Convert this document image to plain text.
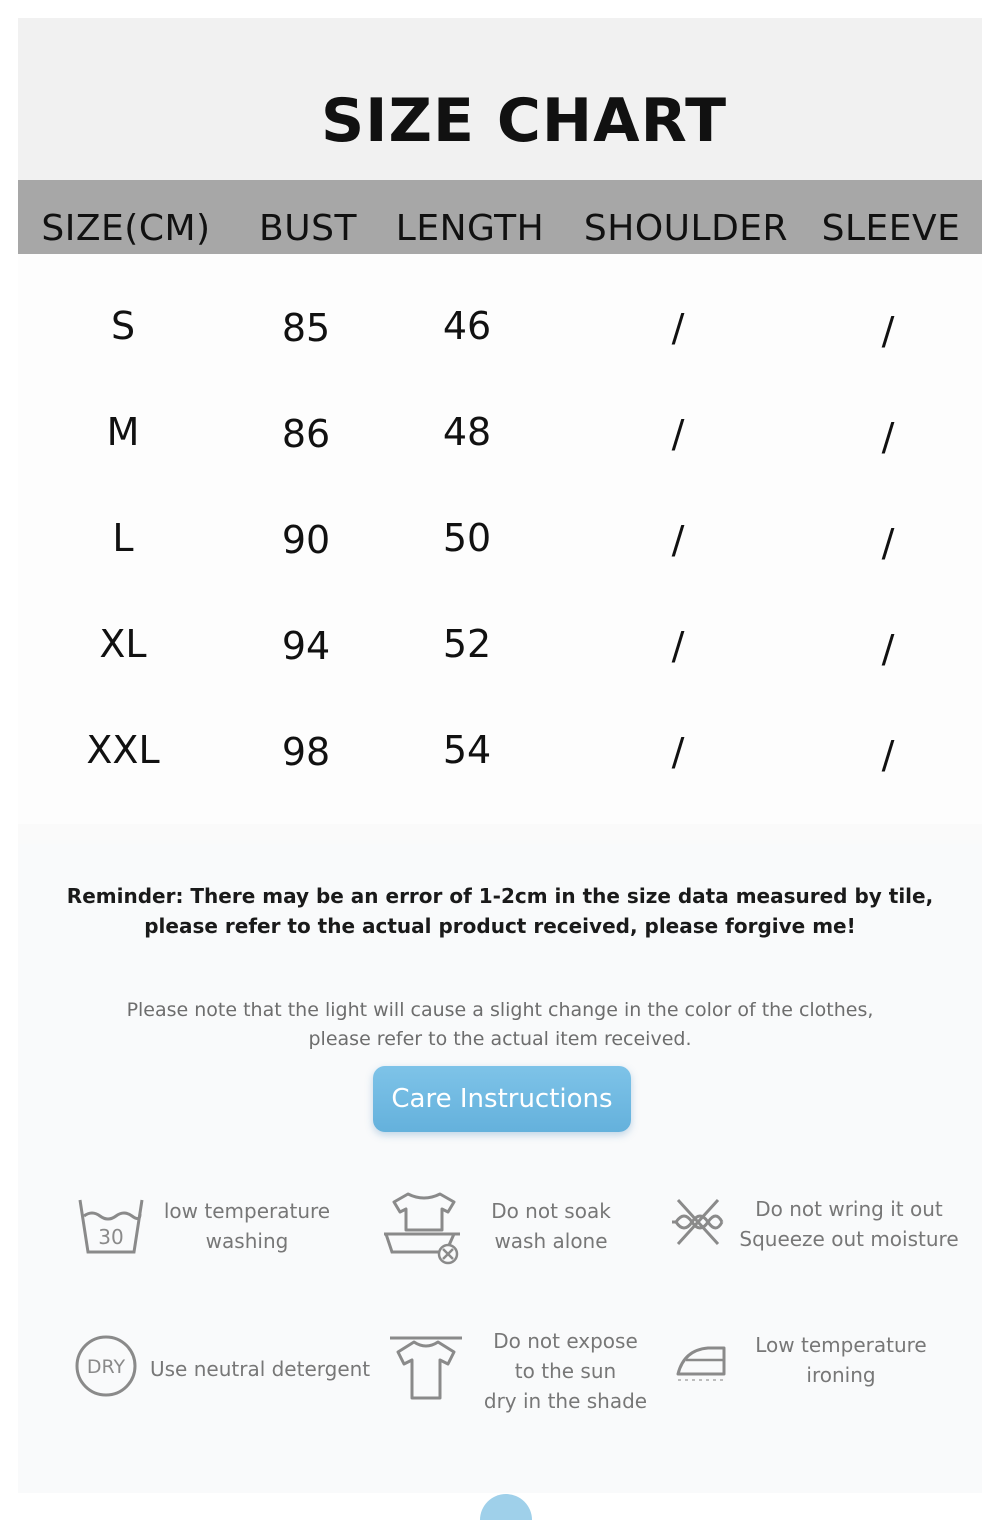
SIZE CHART
SIZE(CM) BUST LENGTH SHOULDER SLEEVE
S	85	46	/	/
M	86	48	/	/
L	90	50	/	/
XL	94	52	/	/
XXL	98	54	/	/
Reminder: There may be an error of 1-2cm in the size data measured by tile,
please refer to the actual product received, please forgive me!
Please note that the light will cause a slight change in the color of the clothes,
please refer to the actual item received.
Care Instructions
30
low temperature
washing
Do not soak
wash alone
Do not wring it out
Squeeze out moisture
DRY Use neutral detergent
Do not expose
to the sun
dry in the shade
Low temperature
ironing
